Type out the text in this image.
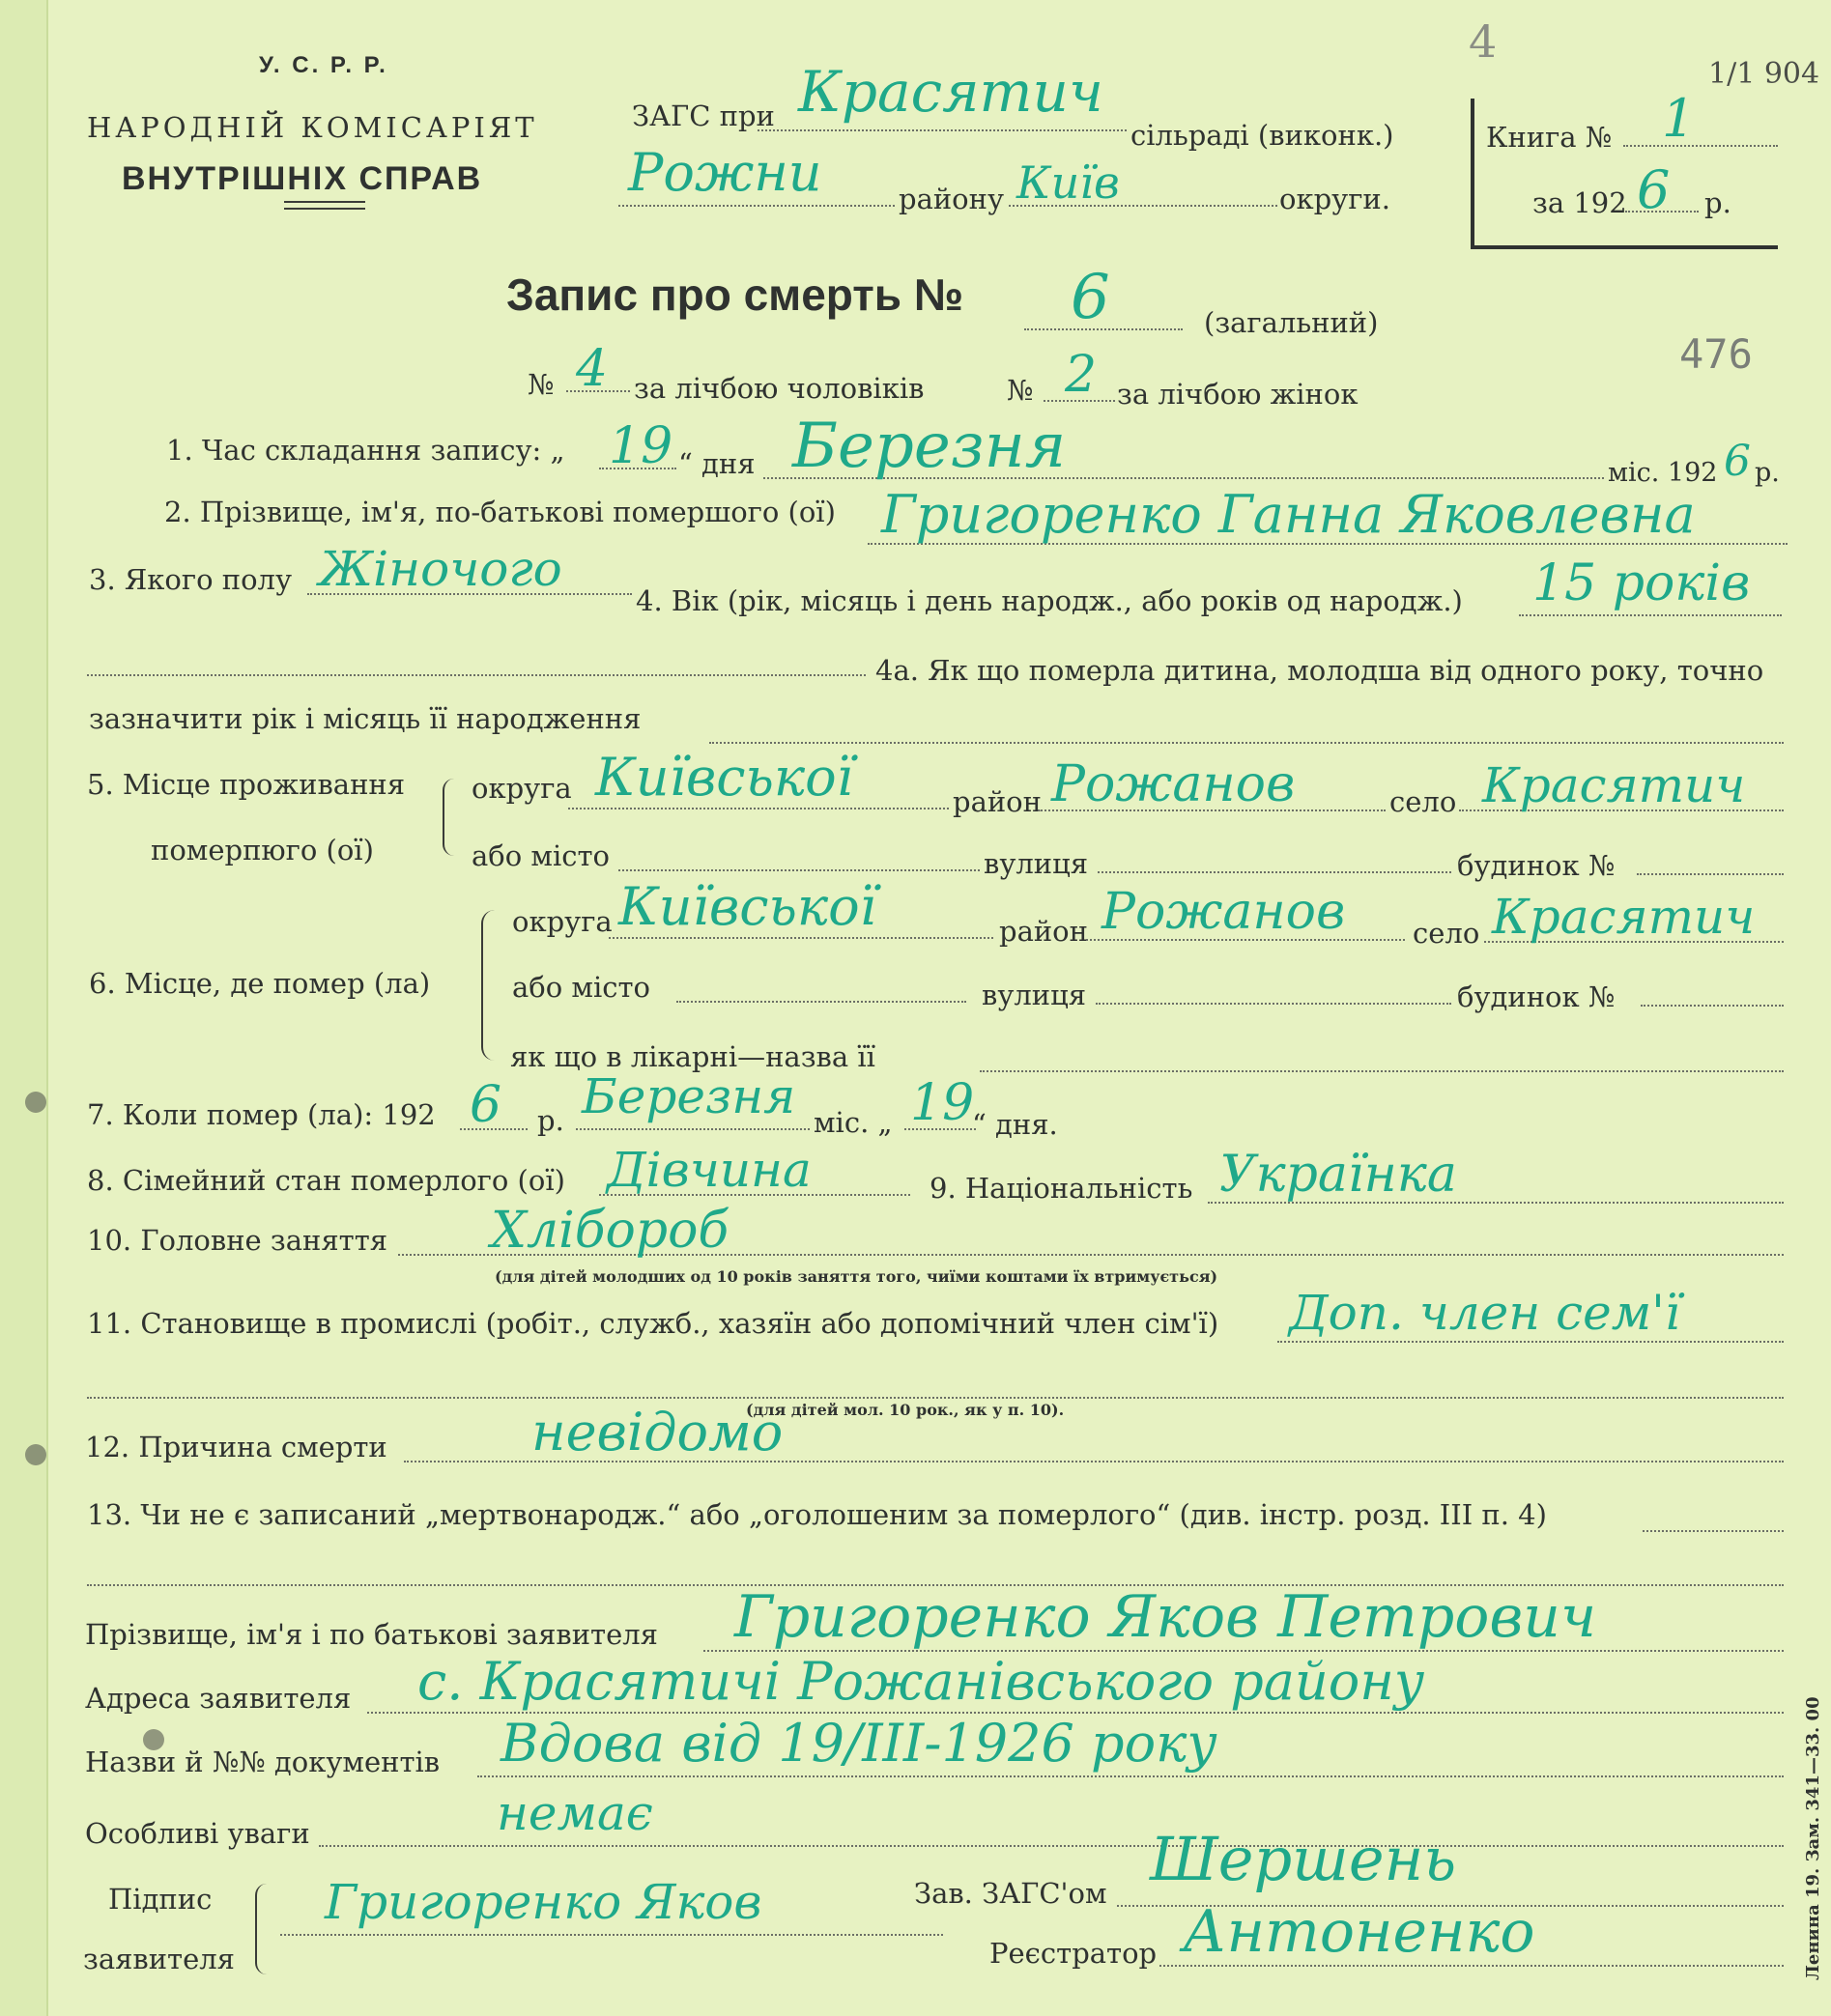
У. С. Р. Р.
НАРОДНІЙ КОМІСАРІЯТ
ВНУТРІШНІХ СПРАВ
ЗАГС при Красятич
сільраді (виконк.)
Рожни	району Київ	округи.
Книга № 1
1/1 904
за 192 6 р.
4
476
Запис про смерть № 6	(загальний)
№ 4 за лічбою чоловіків	№ 2 за лічбою жінок
1. Час складання запису: „ 19 “ дня Березня	міс. 192 6 р.
2. Прізвище, ім'я, по-батькові помершого (ої) Григоренко Ганна Яковлевна
3. Якого полу Жіночого
4. Вік (рік, місяць і день народж., або років од народж.) 15 років
4а. Як що померла дитина, молодша від одного року, точно
зазначити рік і місяць її народження
5. Місце проживання
померпюго (ої)
округа Київської	район Рожанов	село Красятич
або місто	вулиця	будинок №
6. Місце, де помер (ла)
округа Київської	район Рожанов село Красятич
або місто	вулиця	будинок №
як що в лікарні—назва її
7. Коли помер (ла): 192 6 р. Березня міс. „ 19
“ дня.
8. Сімейний стан померлого (ої) Дівчина	9. Національність Українка
10. Головне заняття Хлібороб
(для дітей молодших од 10 років заняття того, чиїми коштами їх втримується)
11. Становище в промислі (робіт., служб., хазяїн або допомічний член сім'ї) Доп. член сем'ї
(для дітей мол. 10 рок., як у п. 10).
12. Причина смерти	невідомо
13. Чи не є записаний „мертвонародж.“ або „оголошеним за померлого“ (див. інстр. розд. III п. 4)
Прізвище, ім'я і по батькові заявителя Григоренко Яков Петрович
Адреса заявителя с. Красятичі Рожанівського району
Назви й №№ документів Вдова від 19/ІІІ-1926 року
Особливі уваги	немає
Підпис
заявителя
Григоренко Яков	Зав. ЗАГС'ом Шершень
Реєстратор Антоненко	Ленина 19. Зам. 341—33. 00
